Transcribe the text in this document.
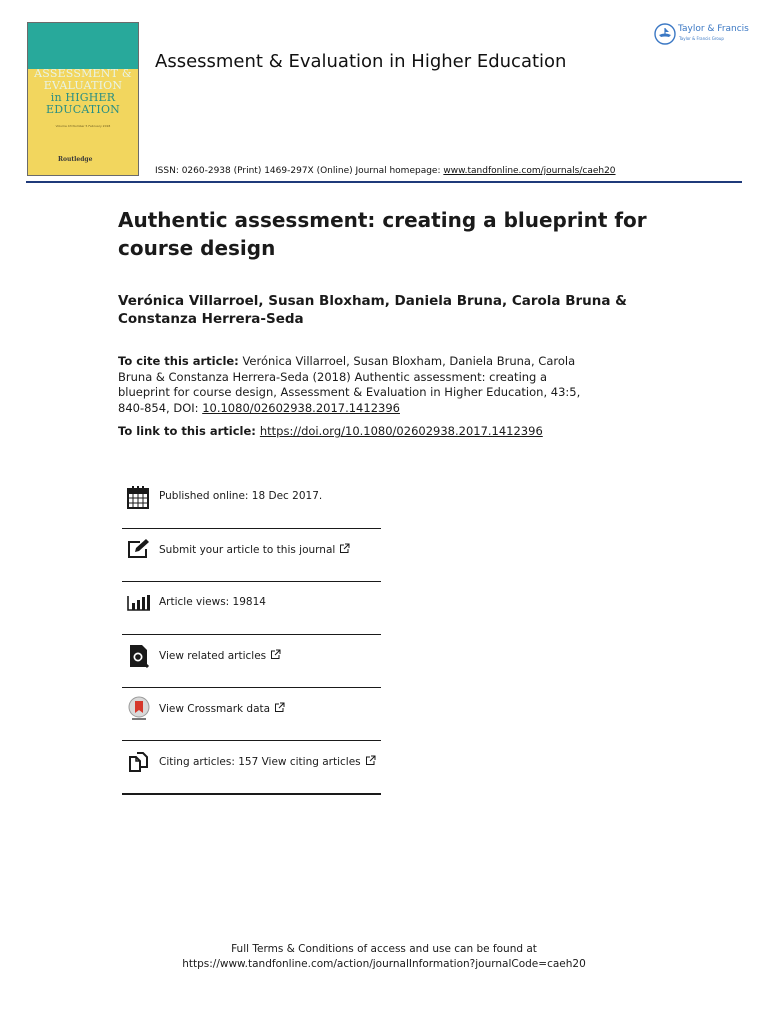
ASSESSMENT &
EVALUATION
in HIGHER
EDUCATION
Volume 43 Number 5 February 2018
Routledge
Assessment & Evaluation in Higher Education
ISSN: 0260-2938 (Print) 1469-297X (Online) Journal homepage: www.tandfonline.com/journals/caeh20
Taylor & Francis
Taylor & Francis Group
Authentic assessment: creating a blueprint for course design
Verónica Villarroel, Susan Bloxham, Daniela Bruna, Carola Bruna & Constanza Herrera-Seda
To cite this article: Verónica Villarroel, Susan Bloxham, Daniela Bruna, Carola Bruna & Constanza Herrera-Seda (2018) Authentic assessment: creating a blueprint for course design, Assessment & Evaluation in Higher Education, 43:5, 840-854, DOI: 10.1080/02602938.2017.1412396
To link to this article: https://doi.org/10.1080/02602938.2017.1412396
Published online: 18 Dec 2017.
Submit your article to this journal
Article views: 19814
View related articles
View Crossmark data
Citing articles: 157 View citing articles
Full Terms & Conditions of access and use can be found at
https://www.tandfonline.com/action/journalInformation?journalCode=caeh20
